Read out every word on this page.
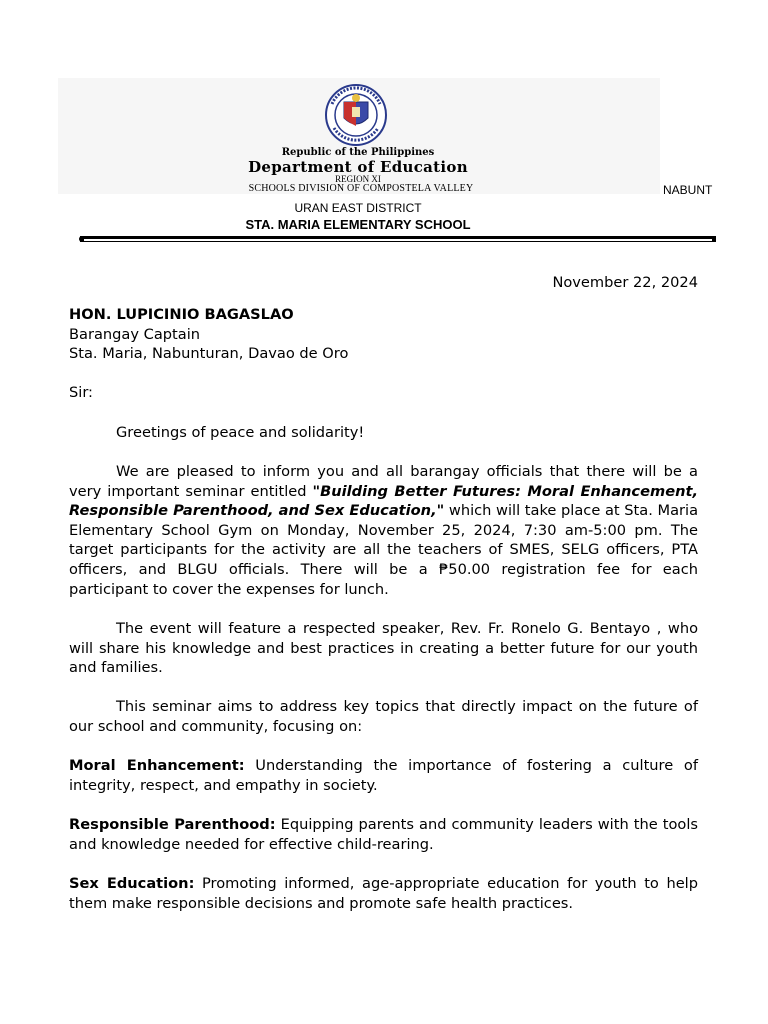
Republic of the Philippines
Department of Education
REGION XI
SCHOOLS DIVISION OF COMPOSTELA VALLEY	NABUNT
URAN EAST DISTRICT
STA. MARIA ELEMENTARY SCHOOL
November 22, 2024
HON. LUPICINIO BAGASLAO
Barangay Captain
Sta. Maria, Nabunturan, Davao de Oro
Sir:
Greetings of peace and solidarity!
We are pleased to inform you and all barangay officials that there will be a very important seminar entitled "Building Better Futures: Moral Enhancement, Responsible Parenthood, and Sex Education," which will take place at Sta. Maria Elementary School Gym on Monday, November 25, 2024, 7:30 am-5:00 pm. The target participants for the activity are all the teachers of SMES, SELG officers, PTA officers, and BLGU officials. There will be a ₱50.00 registration fee for each participant to cover the expenses for lunch.
The event will feature a respected speaker, Rev. Fr. Ronelo G. Bentayo , who will share his knowledge and best practices in creating a better future for our youth and families.
This seminar aims to address key topics that directly impact on the future of our school and community, focusing on:
Moral Enhancement: Understanding the importance of fostering a culture of integrity, respect, and empathy in society.
Responsible Parenthood: Equipping parents and community leaders with the tools and knowledge needed for effective child-rearing.
Sex Education: Promoting informed, age-appropriate education for youth to help them make responsible decisions and promote safe health practices.
